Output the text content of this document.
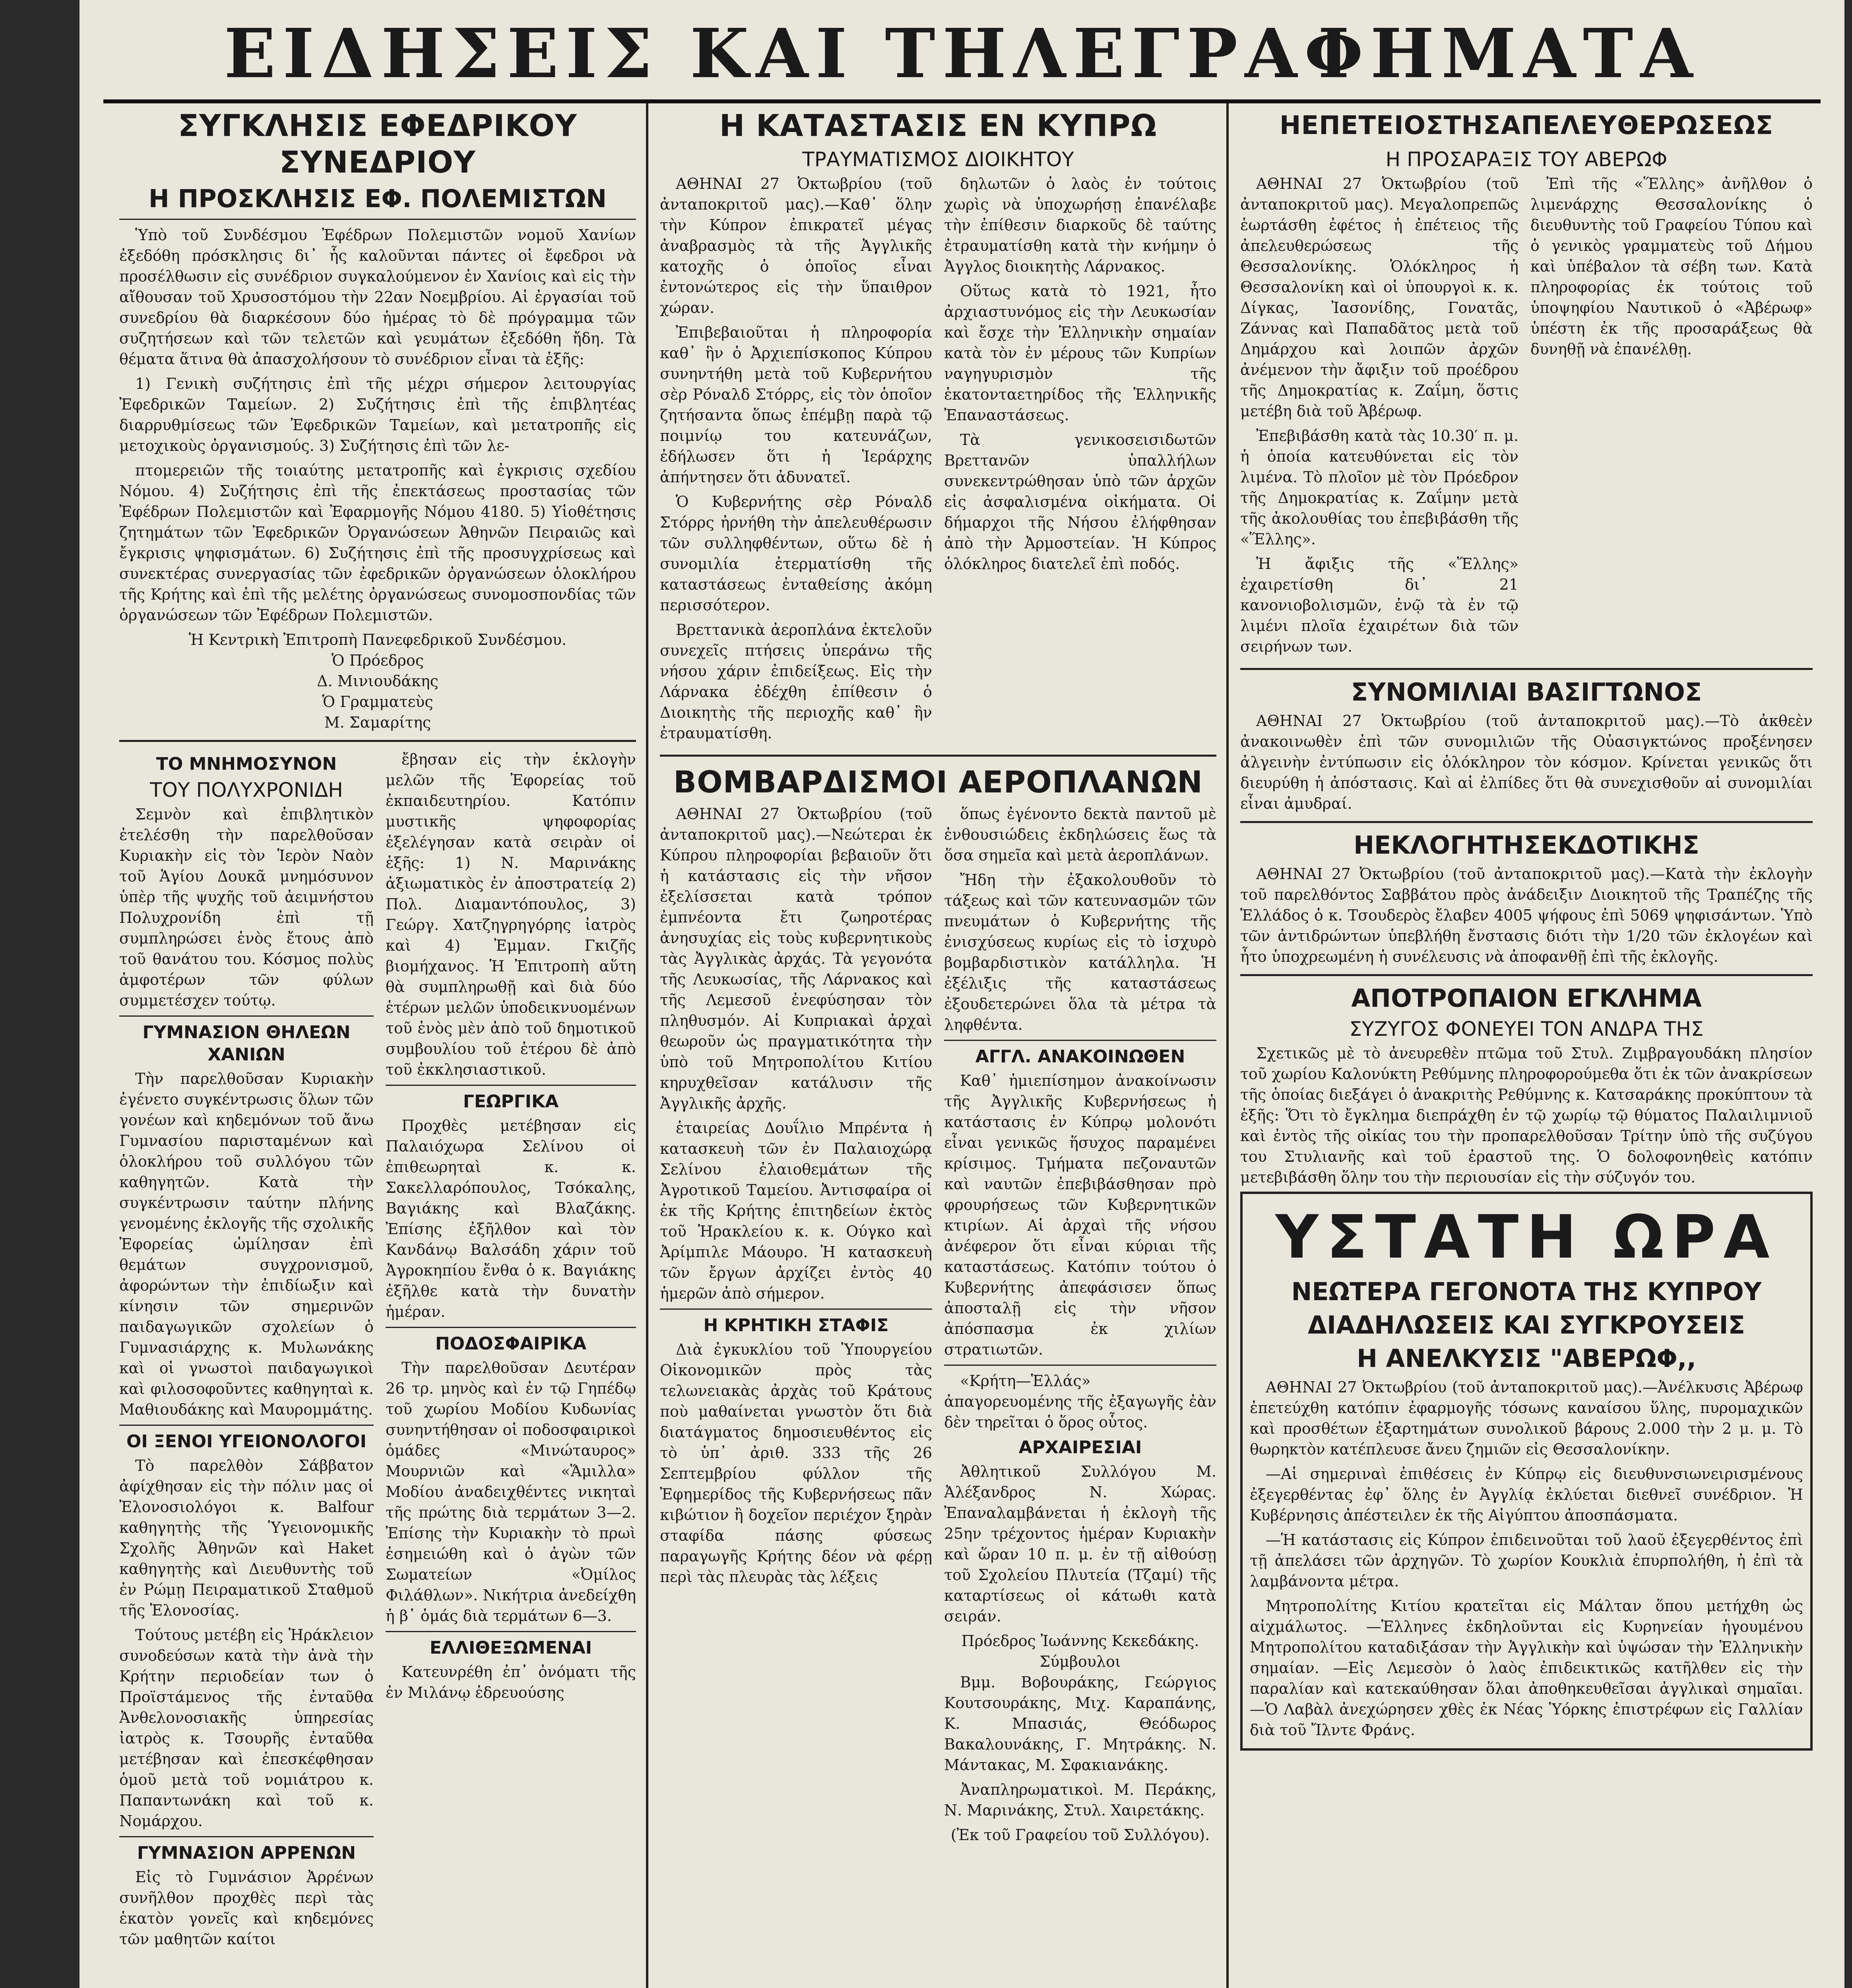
ΕΙΔΗΣΕΙΣ ΚΑΙ ΤΗΛΕΓΡΑΦΗΜΑΤΑ
ΣΥΓΚΛΗΣΙΣ ΕΦΕΔΡΙΚΟΥ ΣΥΝΕΔΡΙΟΥ
Η ΠΡΟΣΚΛΗΣΙΣ ΕΦ. ΠΟΛΕΜΙΣΤΩΝ

Ὑπὸ τοῦ Συνδέσμου Ἐφέδρων Πολεμιστῶν νομοῦ Χανίων ἐξεδόθη πρόσκλησις δι᾽ ἧς καλοῦνται πάντες οἱ ἔφεδροι νὰ προσέλθωσιν εἰς συνέδριον συγκαλούμενον ἐν Χανίοις καὶ εἰς τὴν αἴθουσαν τοῦ Χρυσοστόμου τὴν 22αν Νοεμβρίου. Αἱ ἐργασίαι τοῦ συνεδρίου θὰ διαρκέσουν δύο ἡμέρας τὸ δὲ πρόγραμμα τῶν συζητήσεων καὶ τῶν τελετῶν καὶ γευμάτων ἐξεδόθη ἤδη. Τὰ θέματα ἅτινα θὰ ἀπασχολήσουν τὸ συνέδριον εἶναι τὰ ἑξῆς:

1) Γενικὴ συζήτησις ἐπὶ τῆς μέχρι σήμερον λειτουργίας Ἐφεδρικῶν Ταμείων. 2) Συζήτησις ἐπὶ τῆς ἐπιβλητέας διαρρυθμίσεως τῶν Ἐφεδρικῶν Ταμείων, καὶ μετατροπῆς εἰς μετοχικοὺς ὀργανισμούς. 3) Συζήτησις ἐπὶ τῶν λε-

πτομερειῶν τῆς τοιαύτης μετατροπῆς καὶ ἐγκρισις σχεδίου Νόμου. 4) Συζήτησις ἐπὶ τῆς ἐπεκτάσεως προστασίας τῶν Ἐφέδρων Πολεμιστῶν καὶ Ἐφαρμογῆς Νόμου 4180. 5) Υἱοθέτησις ζητημάτων τῶν Ἐφεδρικῶν Ὀργανώσεων Ἀθηνῶν Πειραιῶς καὶ ἔγκρισις ψηφισμάτων. 6) Συζήτησις ἐπὶ τῆς προσυγχρίσεως καὶ συνεκτέρας συνεργασίας τῶν ἐφεδρικῶν ὀργανώσεων ὁλοκλήρου τῆς Κρήτης καὶ ἐπὶ τῆς μελέτης ὀργανώσεως συνομοσπονδίας τῶν ὀργανώσεων τῶν Ἐφέδρων Πολεμιστῶν.

Ἡ Κεντρικὴ Ἐπιτροπὴ Πανεφεδρικοῦ Συνδέσμου.

Ὁ Πρόεδρος

Δ. Μινιουδάκης

Ὁ Γραμματεὺς

Μ. Σαμαρίτης

ΤΟ ΜΝΗΜΟΣΥΝΟΝ
ΤΟΥ ΠΟΛΥΧΡΟΝΙΔΗ

Σεμνὸν καὶ ἐπιβλητικὸν ἐτελέσθη τὴν παρελθοῦσαν Κυριακὴν εἰς τὸν Ἱερὸν Ναὸν τοῦ Ἁγίου Δουκᾶ μνημόσυνον ὑπὲρ τῆς ψυχῆς τοῦ ἀειμνήστου Πολυχρονίδη ἐπὶ τῇ συμπληρώσει ἑνὸς ἔτους ἀπὸ τοῦ θανάτου του. Κόσμος πολὺς ἀμφοτέρων τῶν φύλων συμμετέσχεν τούτῳ.

ΓΥΜΝΑΣΙΟΝ ΘΗΛΕΩΝ ΧΑΝΙΩΝ

Τὴν παρελθοῦσαν Κυριακὴν ἐγένετο συγκέντρωσις ὅλων τῶν γονέων καὶ κηδεμόνων τοῦ ἄνω Γυμνασίου παρισταμένων καὶ ὁλοκλήρου τοῦ συλλόγου τῶν καθηγητῶν. Κατὰ τὴν συγκέντρωσιν ταύτην πλήνης γενομένης ἐκλογῆς τῆς σχολικῆς Ἐφορείας ὡμίλησαν ἐπὶ θεμάτων συγχρονισμοῦ, ἀφορώντων τὴν ἐπιδίωξιν καὶ κίνησιν τῶν σημερινῶν παιδαγωγικῶν σχολείων ὁ Γυμνασιάρχης κ. Μυλωνάκης καὶ οἱ γνωστοὶ παιδαγωγικοὶ καὶ φιλοσοφοῦντες καθηγηταὶ κ. Μαθιουδάκης καὶ Μαυρομμάτης.

ΟΙ ΞΕΝΟΙ ΥΓΕΙΟΝΟΛΟΓΟΙ

Τὸ παρελθὸν Σάββατον ἀφίχθησαν εἰς τὴν πόλιν μας οἱ Ἐλονοσιολόγοι κ. Balfour καθηγητὴς τῆς Ὑγειονομικῆς Σχολῆς Ἀθηνῶν καὶ Haket καθηγητὴς καὶ Διευθυντὴς τοῦ ἐν Ρώμῃ Πειραματικοῦ Σταθμοῦ τῆς Ἐλονοσίας.

Τούτους μετέβη εἰς Ἡράκλειον συνοδεύσων κατὰ τὴν ἀνὰ τὴν Κρήτην περιοδείαν των ὁ Προϊστάμενος τῆς ἐνταῦθα Ἀνθελονοσιακῆς ὑπηρεσίας ἰατρὸς κ. Τσουρῆς ἐνταῦθα μετέβησαν καὶ ἐπεσκέφθησαν ὁμοῦ μετὰ τοῦ νομιάτρου κ. Παπαντωνάκη καὶ τοῦ κ. Νομάρχου.

ΓΥΜΝΑΣΙΟΝ ΑΡΡΕΝΩΝ

Εἰς τὸ Γυμνάσιον Ἀρρένων συνῆλθον προχθὲς περὶ τὰς ἑκατὸν γονεῖς καὶ κηδεμόνες τῶν μαθητῶν καίτοι

ἔβησαν εἰς τὴν ἐκλογὴν μελῶν τῆς Ἐφορείας τοῦ ἐκπαιδευτηρίου. Κατόπιν μυστικῆς ψηφοφορίας ἐξελέγησαν κατὰ σειρὰν οἱ ἑξῆς: 1) Ν. Μαρινάκης ἀξιωματικὸς ἐν ἀποστρατείᾳ 2) Πολ. Διαμαντόπουλος, 3) Γεώργ. Χατζηγρηγόρης ἰατρὸς καὶ 4) Ἐμμαν. Γκιζῆς βιομήχανος. Ἡ Ἐπιτροπὴ αὕτη θὰ συμπληρωθῇ καὶ διὰ δύο ἑτέρων μελῶν ὑποδεικνυομένων τοῦ ἑνὸς μὲν ἀπὸ τοῦ δημοτικοῦ συμβουλίου τοῦ ἑτέρου δὲ ἀπὸ τοῦ ἐκκλησιαστικοῦ.

ΓΕΩΡΓΙΚΑ

Προχθὲς μετέβησαν εἰς Παλαιόχωρα Σελίνου οἱ ἐπιθεωρηταὶ κ. κ. Σακελλαρόπουλος, Τσόκαλης, Βαγιάκης καὶ Βλαζάκης. Ἐπίσης ἐξῆλθον καὶ τὸν Κανδάνῳ Βαλσάδη χάριν τοῦ Ἀγροκηπίου ἔνθα ὁ κ. Βαγιάκης ἐξῆλθε κατὰ τὴν δυνατὴν ἡμέραν.

ΠΟΔΟΣΦΑΙΡΙΚΑ

Τὴν παρελθοῦσαν Δευτέραν 26 τρ. μηνὸς καὶ ἐν τῷ Γηπέδῳ τοῦ χωρίου Μοδίου Κυδωνίας συνηντήθησαν οἱ ποδοσφαιρικοὶ ὁμάδες «Μινώταυρος» Μουρνιῶν καὶ «Ἅμιλλα» Μοδίου ἀναδειχθέντες νικηταὶ τῆς πρώτης διὰ τερμάτων 3—2. Ἐπίσης τὴν Κυριακὴν τὸ πρωὶ ἐσημειώθη καὶ ὁ ἀγὼν τῶν Σωματείων «Ὀμίλος Φιλάθλων». Νικήτρια ἀνεδείχθη ἡ β᾽ ὁμάς διὰ τερμάτων 6—3.

ΕΛΛΙΘΕΞΩΜΕΝΑΙ

Κατευνρέθη ἐπ᾽ ὀνόματι τῆς ἐν Μιλάνῳ ἑδρευούσης

Η ΚΑΤΑΣΤΑΣΙΣ ΕΝ ΚΥΠΡΩ
ΤΡΑΥΜΑΤΙΣΜΟΣ ΔΙΟΙΚΗΤΟΥ

ΑΘΗΝΑΙ 27 Ὀκτωβρίου (τοῦ ἀνταποκριτοῦ μας).—Καθ᾽ ὅλην τὴν Κύπρον ἐπικρατεῖ μέγας ἀναβρασμὸς τὰ τῆς Ἀγγλικῆς κατοχῆς ὁ ὁποῖος εἶναι ἐντονώτερος εἰς τὴν ὕπαιθρον χώραν.

Ἐπιβεβαιοῦται ἡ πληροφορία καθ᾽ ἣν ὁ Ἀρχιεπίσκοπος Κύπρου συνηντήθη μετὰ τοῦ Κυβερνήτου σὲρ Ρόναλδ Στόρρς, εἰς τὸν ὁποῖον ζητήσαντα ὅπως ἐπέμβῃ παρὰ τῷ ποιμνίῳ του κατευνάζων, ἐδήλωσεν ὅτι ἡ Ἱεράρχης ἀπήντησεν ὅτι ἀδυνατεῖ.

Ὁ Κυβερνήτης σὲρ Ρόναλδ Στόρρς ἠρνήθη τὴν ἀπελευθέρωσιν τῶν συλληφθέντων, οὕτω δὲ ἡ συνομιλία ἐτερματίσθη τῆς καταστάσεως ἐνταθείσης ἀκόμη περισσότερον.

Βρεττανικὰ ἀεροπλάνα ἐκτελοῦν συνεχεῖς πτήσεις ὑπεράνω τῆς νήσου χάριν ἐπιδείξεως. Εἰς τὴν Λάρνακα ἐδέχθη ἐπίθεσιν ὁ Διοικητὴς τῆς περιοχῆς καθ᾽ ἣν ἐτραυματίσθη.

δηλωτῶν ὁ λαὸς ἐν τούτοις χωρὶς νὰ ὑποχωρήσῃ ἐπανέλαβε τὴν ἐπίθεσιν διαρκοῦς δὲ ταύτης ἐτραυματίσθη κατὰ τὴν κνήμην ὁ Ἀγγλος διοικητὴς Λάρνακος.

Οὕτως κατὰ τὸ 1921, ἦτο ἀρχιαστυνόμος εἰς τὴν Λευκωσίαν καὶ ἔσχε τὴν Ἑλληνικὴν σημαίαν κατὰ τὸν ἐν μέρους τῶν Κυπρίων ναγηγυρισμὸν τῆς ἑκατονταετηρίδος τῆς Ἑλληνικῆς Ἐπαναστάσεως.

Τὰ γενικοσεισιδωτῶν Βρεττανῶν ὑπαλλήλων συνεκεντρώθησαν ὑπὸ τῶν ἀρχῶν εἰς ἀσφαλισμένα οἰκήματα. Οἱ δήμαρχοι τῆς Νήσου ἐλήφθησαν ἀπὸ τὴν Ἀρμοστείαν. Ἡ Κύπρος ὁλόκληρος διατελεῖ ἐπὶ ποδός.

ΒΟΜΒΑΡΔΙΣΜΟΙ ΑΕΡΟΠΛΑΝΩΝ

ΑΘΗΝΑΙ 27 Ὀκτωβρίου (τοῦ ἀνταποκριτοῦ μας).—Νεώτεραι ἐκ Κύπρου πληροφορίαι βεβαιοῦν ὅτι ἡ κατάστασις εἰς τὴν νῆσον ἐξελίσσεται κατὰ τρόπον ἐμπνέοντα ἔτι ζωηροτέρας ἀνησυχίας εἰς τοὺς κυβερνητικοὺς τὰς Ἀγγλικὰς ἀρχάς. Τὰ γεγονότα τῆς Λευκωσίας, τῆς Λάρνακος καὶ τῆς Λεμεσοῦ ἐνεφύσησαν τὸν πληθυσμόν. Αἱ Κυπριακαὶ ἀρχαὶ θεωροῦν ὡς πραγματικότητα τὴν ὑπὸ τοῦ Μητροπολίτου Κιτίου κηρυχθεῖσαν κατάλυσιν τῆς Ἀγγλικῆς ἀρχῆς.

ἑταιρείας Δουΐλιο Μπρέντα ἡ κατασκευὴ τῶν ἐν Παλαιοχώρᾳ Σελίνου ἐλαιοθεμάτων τῆς Ἀγροτικοῦ Ταμείου. Ἀντισφαίρα οἱ ἐκ τῆς Κρήτης ἐπιτηδείων ἐκτὸς τοῦ Ἡρακλείου κ. κ. Ούγκο καὶ Ἀρίμπιλε Μάουρο. Ἡ κατασκευὴ τῶν ἔργων ἀρχίζει ἐντὸς 40 ἡμερῶν ἀπὸ σήμερον.

Η ΚΡΗΤΙΚΗ ΣΤΑΦΙΣ

Διὰ ἐγκυκλίου τοῦ Ὑπουργείου Οἰκονομικῶν πρὸς τὰς τελωνειακὰς ἀρχὰς τοῦ Κράτους ποὺ μαθαίνεται γνωστὸν ὅτι διὰ διατάγματος δημοσιευθέντος εἰς τὸ ὑπ᾽ ἀριθ. 333 τῆς 26 Σεπτεμβρίου φύλλον τῆς Ἐφημερίδος τῆς Κυβερνήσεως πᾶν κιβώτιον ἢ δοχεῖον περιέχον ξηρὰν σταφίδα πάσης φύσεως παραγωγῆς Κρήτης δέον νὰ φέρῃ περὶ τὰς πλευρὰς τὰς λέξεις

ὅπως ἐγένοντο δεκτὰ παντοῦ μὲ ἐνθουσιώδεις ἐκδηλώσεις ἕως τὰ ὅσα σημεῖα καὶ μετὰ ἀεροπλάνων.

Ἤδη τὴν ἐξακολουθοῦν τὸ τάξεως καὶ τῶν κατευνασμῶν τῶν πνευμάτων ὁ Κυβερνήτης τῆς ἐνισχύσεως κυρίως εἰς τὸ ἰσχυρὸ βομβαρδιστικὸν κατάλληλα. Ἡ ἐξέλιξις τῆς καταστάσεως ἐξουδετερώνει ὅλα τὰ μέτρα τὰ ληφθέντα.

ΑΓΓΛ. ΑΝΑΚΟΙΝΩΘΕΝ

Καθ᾽ ἡμιεπίσημον ἀνακοίνωσιν τῆς Ἀγγλικῆς Κυβερνήσεως ἡ κατάστασις ἐν Κύπρῳ μολονότι εἶναι γενικῶς ἥσυχος παραμένει κρίσιμος. Τμήματα πεζοναυτῶν καὶ ναυτῶν ἐπεβιβάσθησαν πρὸ φρουρήσεως τῶν Κυβερνητικῶν κτιρίων. Αἱ ἀρχαὶ τῆς νήσου ἀνέφερον ὅτι εἶναι κύριαι τῆς καταστάσεως. Κατόπιν τούτου ὁ Κυβερνήτης ἀπεφάσισεν ὅπως ἀποσταλῇ εἰς τὴν νῆσον ἀπόσπασμα ἐκ χιλίων στρατιωτῶν.

«Κρήτη—Ἑλλάς» ἀπαγορευομένης τῆς ἐξαγωγῆς ἐὰν δὲν τηρεῖται ὁ ὅρος οὗτος.

ΑΡΧΑΙΡΕΣΙΑΙ

Ἀθλητικοῦ Συλλόγου Μ. Ἀλέξανδρος Ν. Χώρας. Ἐπαναλαμβάνεται ἡ ἐκλογὴ τῆς 25ην τρέχοντος ἡμέραν Κυριακὴν καὶ ὥραν 10 π. μ. ἐν τῇ αἰθούσῃ τοῦ Σχολείου Πλυτεία (Τζαμί) τῆς καταρτίσεως οἱ κάτωθι κατὰ σειράν.

Πρόεδρος Ἰωάννης Κεκεδάκης.

Σύμβουλοι

Βμμ. Βοβουράκης, Γεώργιος Κουτσουράκης, Μιχ. Καραπάνης, Κ. Μπασιάς, Θεόδωρος Βακαλουνάκης, Γ. Μητράκης. Ν. Μάντακας, Μ. Σφακιανάκης.

Ἀναπληρωματικοὶ. Μ. Περάκης, Ν. Μαρινάκης, Στυλ. Χαιρετάκης.

(Ἐκ τοῦ Γραφείου τοῦ Συλλόγου).

ΗΕΠΕΤΕΙΟΣΤΗΣΑΠΕΛΕΥΘΕΡΩΣΕΩΣ
Η ΠΡΟΣΑΡΑΞΙΣ ΤΟΥ ΑΒΕΡΩΦ

ΑΘΗΝΑΙ 27 Ὀκτωβρίου (τοῦ ἀνταποκριτοῦ μας). Μεγαλοπρεπῶς ἑωρτάσθη ἐφέτος ἡ ἐπέτειος τῆς ἀπελευθερώσεως τῆς Θεσσαλονίκης. Ὁλόκληρος ἡ Θεσσαλονίκη καὶ οἱ ὑπουργοὶ κ. κ. Δίγκας, Ἰασονίδης, Γονατᾶς, Ζάννας καὶ Παπαδᾶτος μετὰ τοῦ Δημάρχου καὶ λοιπῶν ἀρχῶν ἀνέμενον τὴν ἄφιξιν τοῦ προέδρου τῆς Δημοκρατίας κ. Ζαΐμη, ὅστις μετέβη διὰ τοῦ Ἀβέρωφ.

Ἐπεβιβάσθη κατὰ τὰς 10.30′ π. μ. ἡ ὁποία κατευθύνεται εἰς τὸν λιμένα. Τὸ πλοῖον μὲ τὸν Πρόεδρον τῆς Δημοκρατίας κ. Ζαΐμην μετὰ τῆς ἀκολουθίας του ἐπεβιβάσθη τῆς «Ἕλλης».

Ἡ ἄφιξις τῆς «Ἕλλης» ἐχαιρετίσθη δι᾽ 21 κανονιοβολισμῶν, ἐνῷ τὰ ἐν τῷ λιμένι πλοῖα ἐχαιρέτων διὰ τῶν σειρήνων των.

Ἐπὶ τῆς «Ἕλλης» ἀνῆλθον ὁ λιμενάρχης Θεσσαλονίκης ὁ διευθυντὴς τοῦ Γραφείου Τύπου καὶ ὁ γενικὸς γραμματεὺς τοῦ Δήμου καὶ ὑπέβαλον τὰ σέβη των. Κατὰ πληροφορίας ἐκ τούτοις τοῦ ὑποψηφίου Ναυτικοῦ ὁ «Ἀβέρωφ» ὑπέστη ἐκ τῆς προσαράξεως θὰ δυνηθῇ νὰ ἐπανέλθῃ.

ΣΥΝΟΜΙΛΙΑΙ ΒΑΣΙΓΤΩΝΟΣ

ΑΘΗΝΑΙ 27 Ὀκτωβρίου (τοῦ ἀνταποκριτοῦ μας).—Τὸ ἀκθεὲν ἀνακοινωθὲν ἐπὶ τῶν συνομιλιῶν τῆς Οὐασιγκτώνος προξένησεν ἀλγεινὴν ἐντύπωσιν εἰς ὁλόκληρον τὸν κόσμον. Κρίνεται γενικῶς ὅτι διευρύθη ἡ ἀπόστασις. Καὶ αἱ ἐλπίδες ὅτι θὰ συνεχισθοῦν αἱ συνομιλίαι εἶναι ἀμυδραί.

ΗΕΚΛΟΓΗΤΗΣΕΚΔΟΤΙΚΗΣ

ΑΘΗΝΑΙ 27 Ὀκτωβρίου (τοῦ ἀνταποκριτοῦ μας).—Κατὰ τὴν ἐκλογὴν τοῦ παρελθόντος Σαββάτου πρὸς ἀνάδειξιν Διοικητοῦ τῆς Τραπέζης τῆς Ἑλλάδος ὁ κ. Τσουδερὸς ἔλαβεν 4005 ψήφους ἐπὶ 5069 ψηφισάντων. Ὑπὸ τῶν ἀντιδρώντων ὑπεβλήθη ἔνστασις διότι τὴν 1/20 τῶν ἐκλογέων καὶ ἦτο ὑποχρεωμένη ἡ συνέλευσις νὰ ἀποφανθῇ ἐπὶ τῆς ἐκλογῆς.

ΑΠΟΤΡΟΠΑΙΟΝ ΕΓΚΛΗΜΑ
ΣΥΖΥΓΟΣ ΦΟΝΕΥΕΙ ΤΟΝ ΑΝΔΡΑ ΤΗΣ

Σχετικῶς μὲ τὸ ἀνευρεθὲν πτῶμα τοῦ Στυλ. Ζιμβραγουδάκη πλησίον τοῦ χωρίου Καλονύκτη Ρεθύμνης πληροφορούμεθα ὅτι ἐκ τῶν ἀνακρίσεων τῆς ὁποίας διεξάγει ὁ ἀνακριτὴς Ρεθύμνης κ. Κατσαράκης προκύπτουν τὰ ἑξῆς: Ὅτι τὸ ἔγκλημα διεπράχθη ἐν τῷ χωρίῳ τῷ θύματος Παλαιλιμνιοῦ καὶ ἐντὸς τῆς οἰκίας του τὴν προπαρελθοῦσαν Τρίτην ὑπὸ τῆς συζύγου του Στυλιανῆς καὶ τοῦ ἐραστοῦ της. Ὁ δολοφονηθεὶς κατόπιν μετεβιβάσθη ὅλην του τὴν περιουσίαν εἰς τὴν σύζυγόν του.

ΥΣΤΑΤΗ ΩΡΑ
ΝΕΩΤΕΡΑ ΓΕΓΟΝΟΤΑ ΤΗΣ ΚΥΠΡΟΥ
ΔΙΑΔΗΛΩΣΕΙΣ ΚΑΙ ΣΥΓΚΡΟΥΣΕΙΣ
Η ΑΝΕΛΚΥΣΙΣ "ΑΒΕΡΩΦ,,

ΑΘΗΝΑΙ 27 Ὀκτωβρίου (τοῦ ἀνταποκριτοῦ μας).—Ἀνέλκυσις Ἀβέρωφ ἐπετεύχθη κατόπιν ἐφαρμογῆς τόσωνς καναίσου ὕλης, πυρομαχικῶν καὶ προσθέτων ἐξαρτημάτων συνολικοῦ βάρους 2.000 τὴν 2 μ. μ. Τὸ θωρηκτὸν κατέπλευσε ἄνευ ζημιῶν εἰς Θεσσαλονίκην.

—Αἱ σημεριναὶ ἐπιθέσεις ἐν Κύπρῳ εἰς διευθυνσιωνειρισμένους ἐξεγερθέντας ἐφ᾽ ὅλης ἐν Ἀγγλίᾳ ἐκλύεται διεθνεῖ συνέδριον. Ἡ Κυβέρνησις ἀπέστειλεν ἐκ τῆς Αἰγύπτου ἀποσπάσματα.

—Ἡ κατάστασις εἰς Κύπρον ἐπιδεινοῦται τοῦ λαοῦ ἐξεγερθέντος ἐπὶ τῇ ἀπελάσει τῶν ἀρχηγῶν. Τὸ χωρίον Κουκλιὰ ἐπυρπολήθη, ἡ ἐπὶ τὰ λαμβάνοντα μέτρα.

Μητροπολίτης Κιτίου κρατεῖται εἰς Μάλταν ὅπου μετήχθη ὡς αἰχμάλωτος. —Ἑλληνες ἐκδηλοῦνται εἰς Κυρηνείαν ἡγουμένου Μητροπολίτου καταδιξάσαν τὴν Ἀγγλικὴν καὶ ὑψώσαν τὴν Ἑλληνικὴν σημαίαν. —Εἰς Λεμεσὸν ὁ λαὸς ἐπιδεικτικῶς κατῆλθεν εἰς τὴν παραλίαν καὶ κατεκαύθησαν ὅλαι ἀποθηκευθεῖσαι ἀγγλικαὶ σημαῖαι. —Ὁ Λαβὰλ ἀνεχώρησεν χθὲς ἐκ Νέας Ὑόρκης ἐπιστρέφων εἰς Γαλλίαν διὰ τοῦ Ἴλντε Φράνς.
